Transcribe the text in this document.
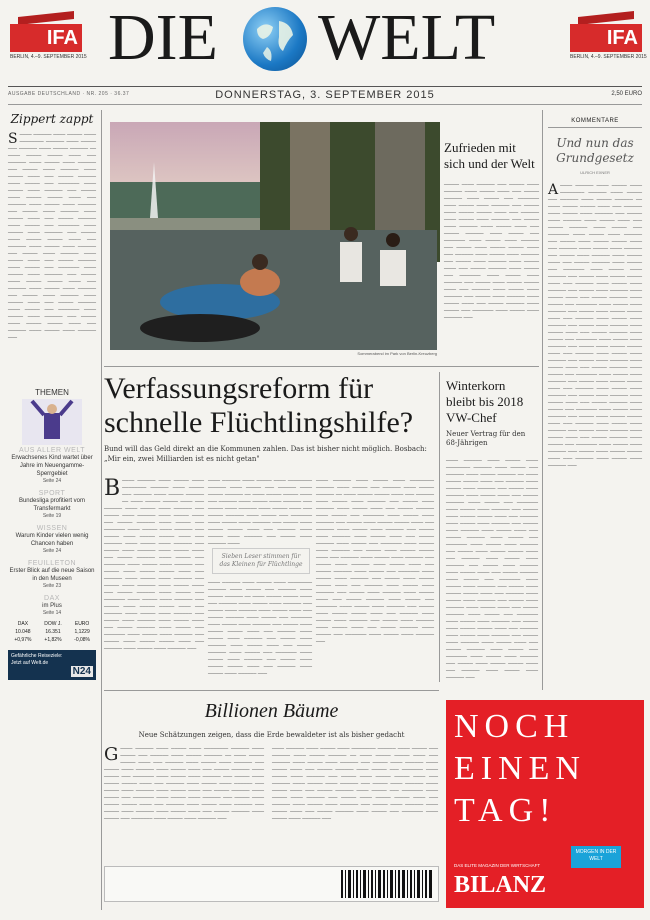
IFA
BERLIN, 4.–9. SEPTEMBER 2015
IFA
BERLIN, 4.–9. SEPTEMBER 2015
DIE WELT
AUSGABE DEUTSCHLAND · NR. 205 · 36.37	DONNERSTAG, 3. SEPTEMBER 2015	2,50 EURO
Zippert zappt
S ──── ────── ──── ───── ──── ──────── ────── ──── ───── ─── ────── ──── ───── ────── ── ──── ───── ───── ──── ─── ────── ──── ───── ──── ────── ─── ───── ──── ────── ──── ───── ──── ─── ───── ────── ──── ───── ─── ─────── ──── ───── ──── ────── ─── ───── ──── ───── ───── ──── ─── ────── ──── ───── ──── ────── ─── ───── ──── ────── ──── ───── ──── ─── ───── ────── ──── ───── ─── ─────── ──── ───── ──── ────── ─── ───── ──── ───── ───── ──── ─── ────── ──── ───── ──── ────── ─── ───── ──── ────── ──── ───── ──── ─── ───── ────── ──── ───── ─── ─────── ──── ───── ──── ────── ─── ───── ──── ───── ───── ──── ─── ────── ──── ───── ──── ────── ─── ───── ──── ────── ──── ───── ──── ─── ───── ────── ──── ───── ─── ─────── ──── ───── ──── ────── ─── ───── ──── ───── ───── ──── ─── ────── ──── ───── ──── ────── ───
THEMEN
AUS ALLER WELT
Erwachsenes Kind wartet über Jahre im Neuengamme-Sperrgebiet
Seite 24
SPORT
Bundesliga profitiert vom Transfermarkt
Seite 19
WISSEN
Warum Kinder vielen wenig Chancen haben
Seite 24
FEUILLETON
Erster Blick auf die neue Saison in den Museen
Seite 23
DAX
im Plus
Seite 14
DAX	DOW J.	EURO
10.048	16.351	1,1229
+0,97%	+1,82%	-0,08%
Gefährliche Reiseziele: Jetzt auf Welt.de
N24
Sommerabend im Park von Berlin-Kreuzberg
Zufrieden mit sich und der Welt
───── ──── ────── ─── ───── ──── ────── ──── ───── ──── ─── ───── ────── ──── ───── ─── ─────── ──── ───── ──── ────── ─── ───── ──── ───── ───── ──── ─── ────── ──── ───── ──── ────── ─── ───── ──── ────── ──── ───── ──── ─── ───── ────── ──── ───── ─── ─────── ──── ───── ──── ────── ─── ───── ──── ───── ───── ──── ─── ────── ──── ───── ──── ────── ─── ───── ──── ────── ──── ───── ──── ─── ───── ────── ──── ───── ─── ─────── ──── ───── ──── ────── ─── ───── ──── ───── ───── ──── ─── ────── ──── ───── ──── ────── ─── ───── ──── ────── ──── ───── ──── ─── ───── ────── ──── ───── ─── ─────── ──── ───── ──── ────── ───
KOMMENTARE
Und nun das Grundgesetz
ULRICH EXNER
A ──── ────── ──── ───── ──── ──────── ────── ──── ───── ─── ────── ──── ───── ────── ── ──── ───── ───── ──── ─── ────── ──── ───── ──── ────── ─── ───── ──── ────── ──── ───── ──── ─── ───── ────── ──── ───── ─── ─────── ──── ───── ──── ────── ─── ───── ──── ───── ───── ──── ─── ────── ──── ───── ──── ────── ─── ───── ──── ────── ──── ───── ──── ─── ───── ────── ──── ───── ─── ─────── ──── ───── ──── ────── ─── ───── ──── ───── ───── ──── ─── ────── ──── ───── ──── ────── ─── ───── ──── ────── ──── ───── ──── ─── ───── ────── ──── ───── ─── ─────── ──── ───── ──── ────── ─── ───── ──── ───── ───── ──── ─── ────── ──── ───── ──── ────── ─── ───── ──── ────── ──── ───── ──── ─── ───── ────── ──── ───── ─── ─────── ──── ───── ──── ────── ─── ───── ──── ───── ───── ──── ─── ────── ──── ───── ──── ────── ─── ───── ──── ────── ──── ───── ──── ─── ───── ────── ──── ───── ─── ─────── ──── ───── ──── ────── ─── ───── ──── ───── ───── ──── ─── ────── ──── ───── ──── ────── ─── ───── ──── ────── ──── ───── ──── ─── ───── ────── ──── ───── ─── ─────── ──── ───── ──── ────── ─── ───── ──── ───── ───── ──── ─── ────── ──── ───── ──── ────── ─── ───── ──── ────── ──── ───── ──── ─── ───── ────── ──── ───── ─── ─────── ──── ───── ──── ────── ─── ───── ──── ───── ───── ──── ─── ────── ──── ───── ──── ────── ───
Verfassungsreform für schnelle Flüchtlingshilfe?
Bund will das Geld direkt an die Kommunen zahlen. Das ist bisher nicht möglich. Bosbach: „Mir ein, zwei Milliarden ist es nicht getan"
B ──── ────── ──── ───── ──── ──────── ────── ──── ───── ─── ────── ──── ───── ────── ── ──── ───── ───── ──── ─── ────── ──── ───── ──── ────── ─── ───── ──── ────── ──── ───── ──── ─── ───── ────── ──── ───── ─── ─────── ──── ───── ──── ────── ─── ───── ──── ───── ───── ──── ─── ────── ──── ───── ──── ────── ─── ───── ──── ────── ──── ───── ──── ─── ───── ────── ──── ───── ─── ─────── ──── ───── ──── ────── ─── ───── ──── ───── ───── ──── ─── ────── ──── ───── ──── ────── ─── ───── ──── ────── ──── ───── ──── ─── ───── ────── ──── ───── ─── ─────── ──── ───── ──── ────── ─── ───── ──── ───── ───── ──── ─── ────── ──── ───── ──── ────── ─── ───── ──── ────── ──── ───── ──── ─── ───── ────── ──── ───── ─── ─────── ──── ───── ──── ────── ─── ───── ──── ───── ───── ──── ─── ────── ──── ───── ──── ────── ───
──── ────── ──── ───── ──── ──────── ────── ──── ───── ─── ────── ──── ───── ────── ── ──── ───── ───── ──── ─── ────── ──── ───── ──── ────── ─── ───── ──── ────── ──── ───── ──── ─── ───── ────── ──── ───── ─── ─────── ──── ───── ──── ────── ─── ───── ──── ───── ───── ──── ─── ────── ──── ───── ──── ────── ─── ───── ──── ────── ────
Sieben Leser stimmen für das Kleinen für Flüchtlinge
──── ────── ──── ───── ──── ──────── ────── ──── ───── ─── ────── ──── ───── ────── ── ──── ───── ───── ──── ─── ────── ──── ───── ──── ────── ─── ───── ──── ────── ──── ───── ──── ─── ───── ────── ──── ───── ─── ─────── ──── ───── ──── ────── ─── ───── ──── ───── ───── ──── ─── ────── ──── ───── ──── ────── ─── ───── ──── ────── ──── ───── ──── ─── ───── ────── ──── ───── ─── ─────── ──── ───── ──── ────── ─── ───── ──── ───── ───── ──── ─── ────── ──── ───── ──── ────── ───
──── ────── ──── ───── ──── ──────── ────── ──── ───── ─── ────── ──── ───── ────── ── ──── ───── ───── ──── ─── ────── ──── ───── ──── ────── ─── ───── ──── ────── ──── ───── ──── ─── ───── ────── ──── ───── ─── ─────── ──── ───── ──── ────── ─── ───── ──── ───── ───── ──── ─── ────── ──── ───── ──── ────── ─── ───── ──── ────── ──── ───── ──── ─── ───── ────── ──── ───── ─── ─────── ──── ───── ──── ────── ─── ───── ──── ───── ───── ──── ─── ────── ──── ───── ──── ────── ─── ───── ──── ────── ──── ───── ──── ─── ───── ────── ──── ───── ─── ─────── ──── ───── ──── ────── ─── ───── ──── ───── ───── ──── ─── ────── ──── ───── ──── ────── ─── ───── ──── ────── ──── ───── ──── ─── ───── ────── ──── ───── ─── ─────── ──── ───── ──── ────── ─── ───── ──── ───── ───── ──── ─── ────── ──── ───── ──── ────── ─── ───── ──── ────── ──── ───── ──── ─── ───── ────── ──── ───── ─── ─────── ──── ───── ──── ────── ───
Winterkorn bleibt bis 2018 VW-Chef
Neuer Vertrag für den 68-Jährigen
──── ────── ──── ───── ──── ──────── ────── ──── ───── ─── ────── ──── ───── ────── ── ──── ───── ───── ──── ─── ────── ──── ───── ──── ────── ─── ───── ──── ────── ──── ───── ──── ─── ───── ────── ──── ───── ─── ─────── ──── ───── ──── ────── ─── ───── ──── ───── ───── ──── ─── ────── ──── ───── ──── ────── ─── ───── ──── ────── ──── ───── ──── ─── ───── ────── ──── ───── ─── ─────── ──── ───── ──── ────── ─── ───── ──── ───── ───── ──── ─── ────── ──── ───── ──── ────── ─── ───── ──── ────── ──── ───── ──── ─── ───── ────── ──── ───── ─── ─────── ──── ───── ──── ────── ─── ───── ──── ───── ───── ──── ─── ────── ──── ───── ──── ────── ─── ───── ──── ────── ──── ───── ──── ─── ───── ────── ──── ───── ─── ─────── ──── ───── ──── ────── ─── ───── ──── ───── ───── ──── ─── ────── ──── ───── ──── ────── ─── ───── ──── ────── ──── ───── ──── ─── ───── ────── ──── ───── ─── ─────── ──── ───── ──── ────── ─── ───── ──── ───── ───── ──── ─── ────── ──── ───── ──── ────── ───
Billionen Bäume
Neue Schätzungen zeigen, dass die Erde bewaldeter ist als bisher gedacht
G ──── ────── ──── ───── ──── ──────── ────── ──── ───── ─── ────── ──── ───── ────── ── ──── ───── ───── ──── ─── ────── ──── ───── ──── ────── ─── ───── ──── ────── ──── ───── ──── ─── ───── ────── ──── ───── ─── ─────── ──── ───── ──── ────── ─── ───── ──── ───── ───── ──── ─── ────── ──── ───── ──── ────── ─── ───── ──── ────── ──── ───── ──── ─── ───── ────── ──── ───── ─── ─────── ──── ───── ──── ────── ─── ───── ──── ───── ───── ──── ─── ────── ──── ───── ──── ────── ─── ───── ──── ────── ──── ───── ──── ─── ───── ────── ──── ───── ─── ─────── ──── ───── ──── ────── ───
──── ────── ──── ───── ──── ──────── ────── ──── ───── ─── ────── ──── ───── ────── ── ──── ───── ───── ──── ─── ────── ──── ───── ──── ────── ─── ───── ──── ────── ──── ───── ──── ─── ───── ────── ──── ───── ─── ─────── ──── ───── ──── ────── ─── ───── ──── ───── ───── ──── ─── ────── ──── ───── ──── ────── ─── ───── ──── ────── ──── ───── ──── ─── ───── ────── ──── ───── ─── ─────── ──── ───── ──── ────── ─── ───── ──── ───── ───── ──── ─── ────── ──── ───── ──── ────── ─── ───── ──── ────── ──── ───── ──── ─── ───── ────── ──── ───── ─── ─────── ──── ───── ──── ────── ───
NOCH
EINEN
TAG!
MORGEN IN DER WELT
DAS ELITE MAGAZIN DER WIRTSCHAFT
BILANZ
